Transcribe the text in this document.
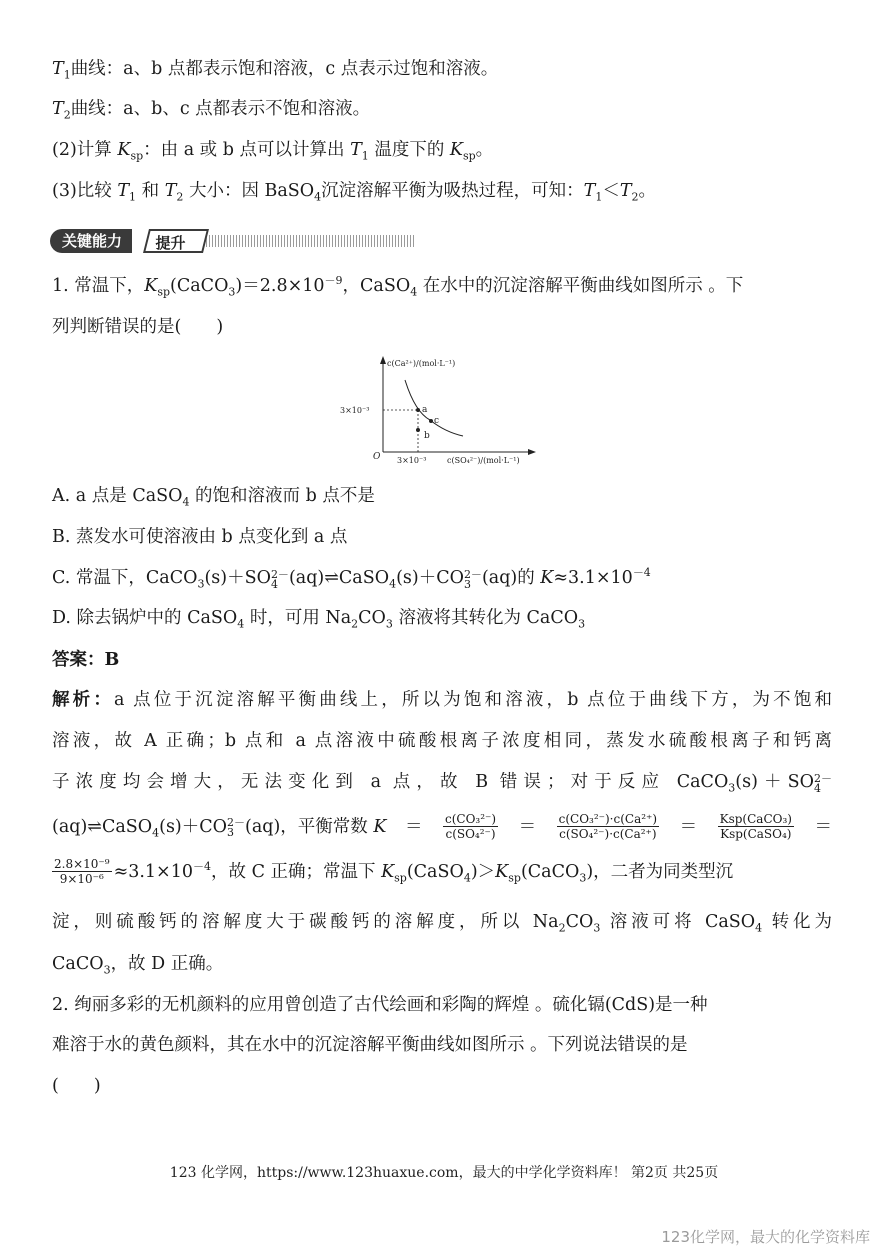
$T_1$曲线：a、b 点都表示饱和溶液，c 点表示过饱和溶液。
$T_2$曲线：a、b、c 点都表示不饱和溶液。
(2)计算 $K_{sp}$：由 a 或 b 点可以计算出 $T_1$ 温度下的 $K_{sp}$。
(3)比较 $T_1$ 和 $T_2$ 大小：因 BaSO$_4$沉淀溶解平衡为吸热过程，可知：$T_1<T_2$。
提升
关键能力
1. 常温下，$K_{sp}(CaCO_3)=2.8\times 10^{-9}$，CaSO$_4$ 在水中的沉淀溶解平衡曲线如图所示 。下
列判断错误的是(　　)
c(Ca²⁺)/(mol·L⁻¹)
3×10⁻³
O 3×10⁻³	c(SO₄²⁻)/(mol·L⁻¹)
a
b
c
A. a 点是 CaSO$_4$ 的饱和溶液而 b 点不是
B. 蒸发水可使溶液由 b 点变化到 a 点
C. 常温下，CaCO$_3$(s)＋SO 2－
4 (aq)⇌CaSO$_4$(s)＋CO 2－
3 (aq)的 $K\approx 3.1\times 10^{-4}$
D. 除去锅炉中的 CaSO$_4$ 时，可用 $Na_2CO_3$ 溶液将其转化为 CaCO$_3$
答案：B
解析：a 点位于沉淀溶解平衡曲线上，所以为饱和溶液，b 点位于曲线下方，为不饱和
溶液，故 A 正确；b 点和 a 点溶液中硫酸根离子浓度相同，蒸发水硫酸根离子和钙离
子浓度均会增大，无法变化到 a 点，故 B 错误；对于反应 CaCO$_3$(s)＋SO 2－
4
(aq)⇌CaSO$_4$(s)＋CO 2－
3 (aq)，平衡常数 $K = \frac{\text{c(CO₃²⁻)}}{\text{c(SO₄²⁻)}} = \frac{\text{c(CO₃²⁻)·c(Ca²⁺)}}{\text{c(SO₄²⁻)·c(Ca²⁺)}} = \frac{\text{Ksp(CaCO₃)}}{\text{Ksp(CaSO₄)}}$ ＝
$\frac{\text{2.8×10⁻⁹}}{\text{9×10⁻⁶}} \approx 3.1\times 10^{-4}$，故 C 正确；常温下 $K_{sp}(CaSO_4)>K_{sp}(CaCO_3)$，二者为同类型沉
淀，则硫酸钙的溶解度大于碳酸钙的溶解度，所以 $Na_2CO_3$ 溶液可将 CaSO$_4$ 转化为
CaCO$_3$，故 D 正确。
2. 绚丽多彩的无机颜料的应用曾创造了古代绘画和彩陶的辉煌 。硫化镉(CdS)是一种
难溶于水的黄色颜料，其在水中的沉淀溶解平衡曲线如图所示 。下列说法错误的是
(　　)
123 化学网，https://www.123huaxue.com，最大的中学化学资料库！ 第2页 共25页
123化学网，最大的化学资料库
